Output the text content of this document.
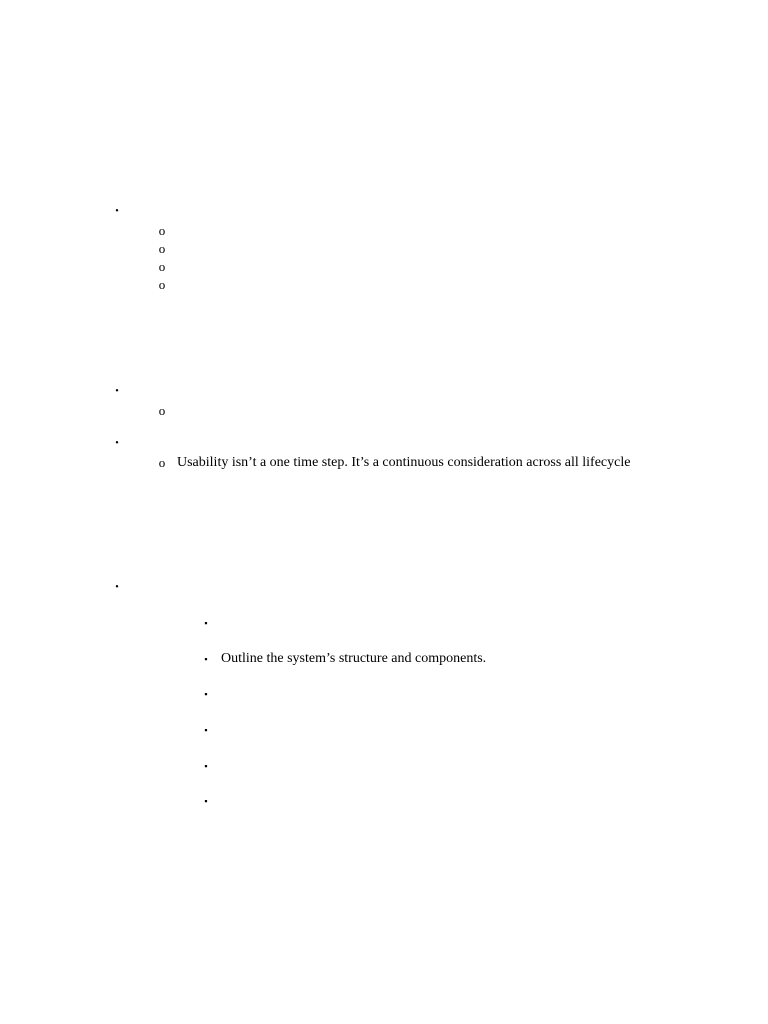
•
o
o
o
o
•
o
•
o Usability isn’t a one time step. It’s a continuous consideration across all lifecycle
•
▪
▪ Outline the system’s structure and components.
▪
▪
▪
▪
